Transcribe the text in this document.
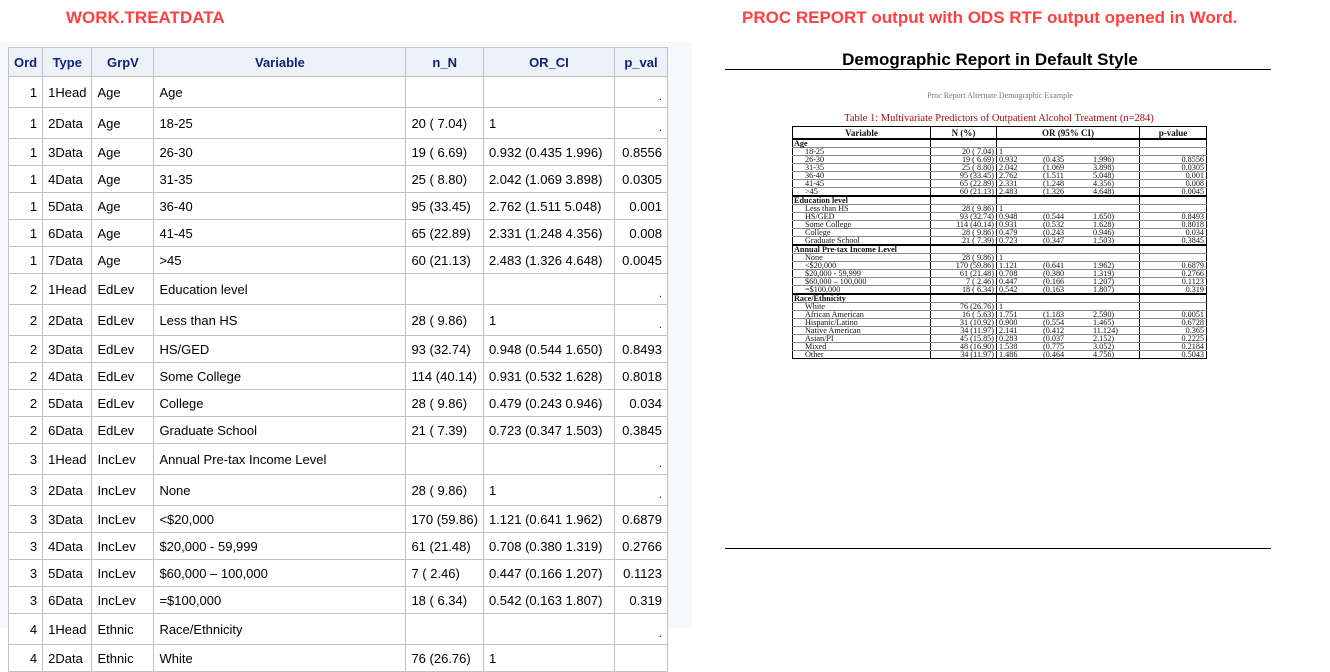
WORK.TREATDATA	PROC REPORT output with ODS RTF output opened in Word.
Ord	Type	GrpV	Variable	n_N	OR_CI	p_val
1	1Head	Age	Age			.
1	2Data	Age	18-25	20 ( 7.04)	1	.
1	3Data	Age	26-30	19 ( 6.69)	0.932 (0.435 1.996)	0.8556
1	4Data	Age	31-35	25 ( 8.80)	2.042 (1.069 3.898)	0.0305
1	5Data	Age	36-40	95 (33.45)	2.762 (1.511 5.048)	0.001
1	6Data	Age	41-45	65 (22.89)	2.331 (1.248 4.356)	0.008
1	7Data	Age	>45	60 (21.13)	2.483 (1.326 4.648)	0.0045
2	1Head	EdLev	Education level			.
2	2Data	EdLev	Less than HS	28 ( 9.86)	1	.
2	3Data	EdLev	HS/GED	93 (32.74)	0.948 (0.544 1.650)	0.8493
2	4Data	EdLev	Some College	114 (40.14)	0.931 (0.532 1.628)	0.8018
2	5Data	EdLev	College	28 ( 9.86)	0.479 (0.243 0.946)	0.034
2	6Data	EdLev	Graduate School	21 ( 7.39)	0.723 (0.347 1.503)	0.3845
3	1Head	IncLev	Annual Pre-tax Income Level			.
3	2Data	IncLev	None	28 ( 9.86)	1	.
3	3Data	IncLev	<$20,000	170 (59.86)	1.121 (0.641 1.962)	0.6879
3	4Data	IncLev	$20,000 - 59,999	61 (21.48)	0.708 (0.380 1.319)	0.2766
3	5Data	IncLev	$60,000 – 100,000	7 ( 2.46)	0.447 (0.166 1.207)	0.1123
3	6Data	IncLev	=$100,000	18 ( 6.34)	0.542 (0.163 1.807)	0.319
4	1Head	Ethnic	Race/Ethnicity			.
4	2Data	Ethnic	White	76 (26.76)	1	
Demographic Report in Default Style
Proc Report Alternate Demographic Example
Table 1: Multivariate Predictors of Outpatient Alcohol Treatment (n=284)
Variable	N (%)	OR (95% CI)	p-value
Age			
18-25	20 ( 7.04)	1	

26-30	19 ( 6.69)	0.932 (0.435 1.996)	0.8556
31-35	25 ( 8.80)	2.042 (1.069 3.898)	0.0305
36-40	95 (33.45)	2.762 (1.511 5.048)	0.001
41-45	65 (22.89)	2.331 (1.248 4.356)	0.008
>45	60 (21.13)	2.483 (1.326 4.648)	0.0045
Education level			
Less than HS	28 ( 9.86)	1	

HS/GED	93 (32.74)	0.948 (0.544 1.650)	0.8493
Some College	114 (40.14)	0.931 (0.532 1.628)	0.8018
College	28 ( 9.86)	0.479 (0.243 0.946)	0.034
Graduate School	21 ( 7.39)	0.723 (0.347 1.503)	0.3845
Annual Pre-tax Income Level			
None	28 ( 9.86)	1	

<$20,000	170 (59.86)	1.121 (0.641 1.962)	0.6879
$20,000 - 59,999	61 (21.48)	0.708 (0.380 1.319)	0.2766
$60,000 – 100,000	7 ( 2.46)	0.447 (0.166 1.207)	0.1123
=$100,000	18 ( 6.34)	0.542 (0.163 1.807)	0.319
Race/Ethnicity			
White	76 (26.76)	1	

African American	16 ( 5.63)	1.751 (1.183 2.590)	0.0051
Hispanic/Latino	31 (10.92)	0.900 (0.554 1.465)	0.6728
Native American	34 (11.97)	2.141 (0.412 11.124)	0.365
Asian/PI	45 (15.85)	0.283 (0.037 2.152)	0.2225
Mixed	48 (16.90)	1.538 (0.775 3.052)	0.2184
Other	34 (11.97)	1.486 (0.464 4.756)	0.5043
